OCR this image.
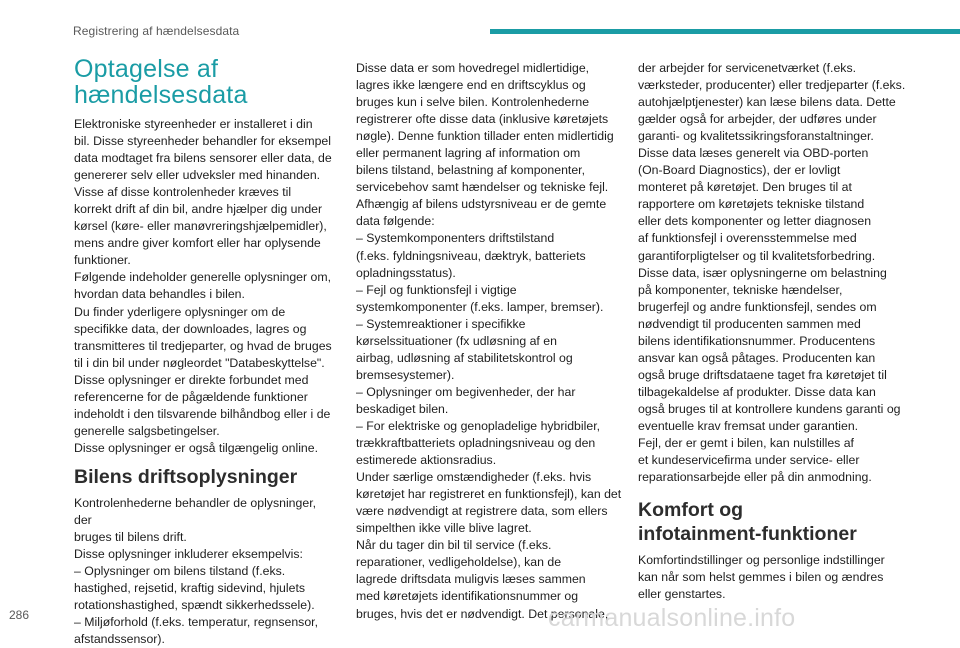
Registrering af hændelsesdata
Optagelse af
hændelsesdata

Elektroniske styreenheder er installeret i din
bil. Disse styreenheder behandler for eksempel
data modtaget fra bilens sensorer eller data, de
genererer selv eller udveksler med hinanden.
Visse af disse kontrolenheder kræves til
korrekt drift af din bil, andre hjælper dig under
kørsel (køre- eller manøvreringshjælpemidler),
mens andre giver komfort eller har oplysende
funktioner.
Følgende indeholder generelle oplysninger om,
hvordan data behandles i bilen.
Du finder yderligere oplysninger om de
specifikke data, der downloades, lagres og
transmitteres til tredjeparter, og hvad de bruges
til i din bil under nøgleordet "Databeskyttelse".
Disse oplysninger er direkte forbundet med
referencerne for de pågældende funktioner
indeholdt i den tilsvarende bilhåndbog eller i de
generelle salgsbetingelser.
Disse oplysninger er også tilgængelig online.

Bilens driftsoplysninger

Kontrolenhederne behandler de oplysninger, der
bruges til bilens drift.
Disse oplysninger inkluderer eksempelvis:
– Oplysninger om bilens tilstand (f.eks.
hastighed, rejsetid, kraftig sidevind, hjulets
rotationshastighed, spændt sikkerhedssele).
– Miljøforhold (f.eks. temperatur, regnsensor,
afstandssensor).

Disse data er som hovedregel midlertidige,
lagres ikke længere end en driftscyklus og
bruges kun i selve bilen. Kontrolenhederne
registrerer ofte disse data (inklusive køretøjets
nøgle). Denne funktion tillader enten midlertidig
eller permanent lagring af information om
bilens tilstand, belastning af komponenter,
servicebehov samt hændelser og tekniske fejl.
Afhængig af bilens udstyrsniveau er de gemte
data følgende:
– Systemkomponenters driftstilstand
(f.eks. fyldningsniveau, dæktryk, batteriets
opladningsstatus).
– Fejl og funktionsfejl i vigtige
systemkomponenter (f.eks. lamper, bremser).
– Systemreaktioner i specifikke
kørselssituationer (fx udløsning af en
airbag, udløsning af stabilitetskontrol og
bremsesystemer).
– Oplysninger om begivenheder, der har
beskadiget bilen.
– For elektriske og genopladelige hybridbiler,
trækkraftbatteriets opladningsniveau og den
estimerede aktionsradius.
Under særlige omstændigheder (f.eks. hvis
køretøjet har registreret en funktionsfejl), kan det
være nødvendigt at registrere data, som ellers
simpelthen ikke ville blive lagret.
Når du tager din bil til service (f.eks.
reparationer, vedligeholdelse), kan de
lagrede driftsdata muligvis læses sammen
med køretøjets identifikationsnummer og
bruges, hvis det er nødvendigt. Det personale,

der arbejder for servicenetværket (f.eks.
værksteder, producenter) eller tredjeparter (f.eks.
autohjælptjenester) kan læse bilens data. Dette
gælder også for arbejder, der udføres under
garanti- og kvalitetssikringsforanstaltninger.
Disse data læses generelt via OBD-porten
(On-Board Diagnostics), der er lovligt
monteret på køretøjet. Den bruges til at
rapportere om køretøjets tekniske tilstand
eller dets komponenter og letter diagnosen
af funktionsfejl i overensstemmelse med
garantiforpligtelser og til kvalitetsforbedring.
Disse data, især oplysningerne om belastning
på komponenter, tekniske hændelser,
brugerfejl og andre funktionsfejl, sendes om
nødvendigt til producenten sammen med
bilens identifikationsnummer. Producentens
ansvar kan også påtages. Producenten kan
også bruge driftsdataene taget fra køretøjet til
tilbagekaldelse af produkter. Disse data kan
også bruges til at kontrollere kundens garanti og
eventuelle krav fremsat under garantien.
Fejl, der er gemt i bilen, kan nulstilles af
et kundeservicefirma under service- eller
reparationsarbejde eller på din anmodning.

Komfort og
infotainment-funktioner

Komfortindstillinger og personlige indstillinger
kan når som helst gemmes i bilen og ændres
eller genstartes.

286	carmanualsonline.info
